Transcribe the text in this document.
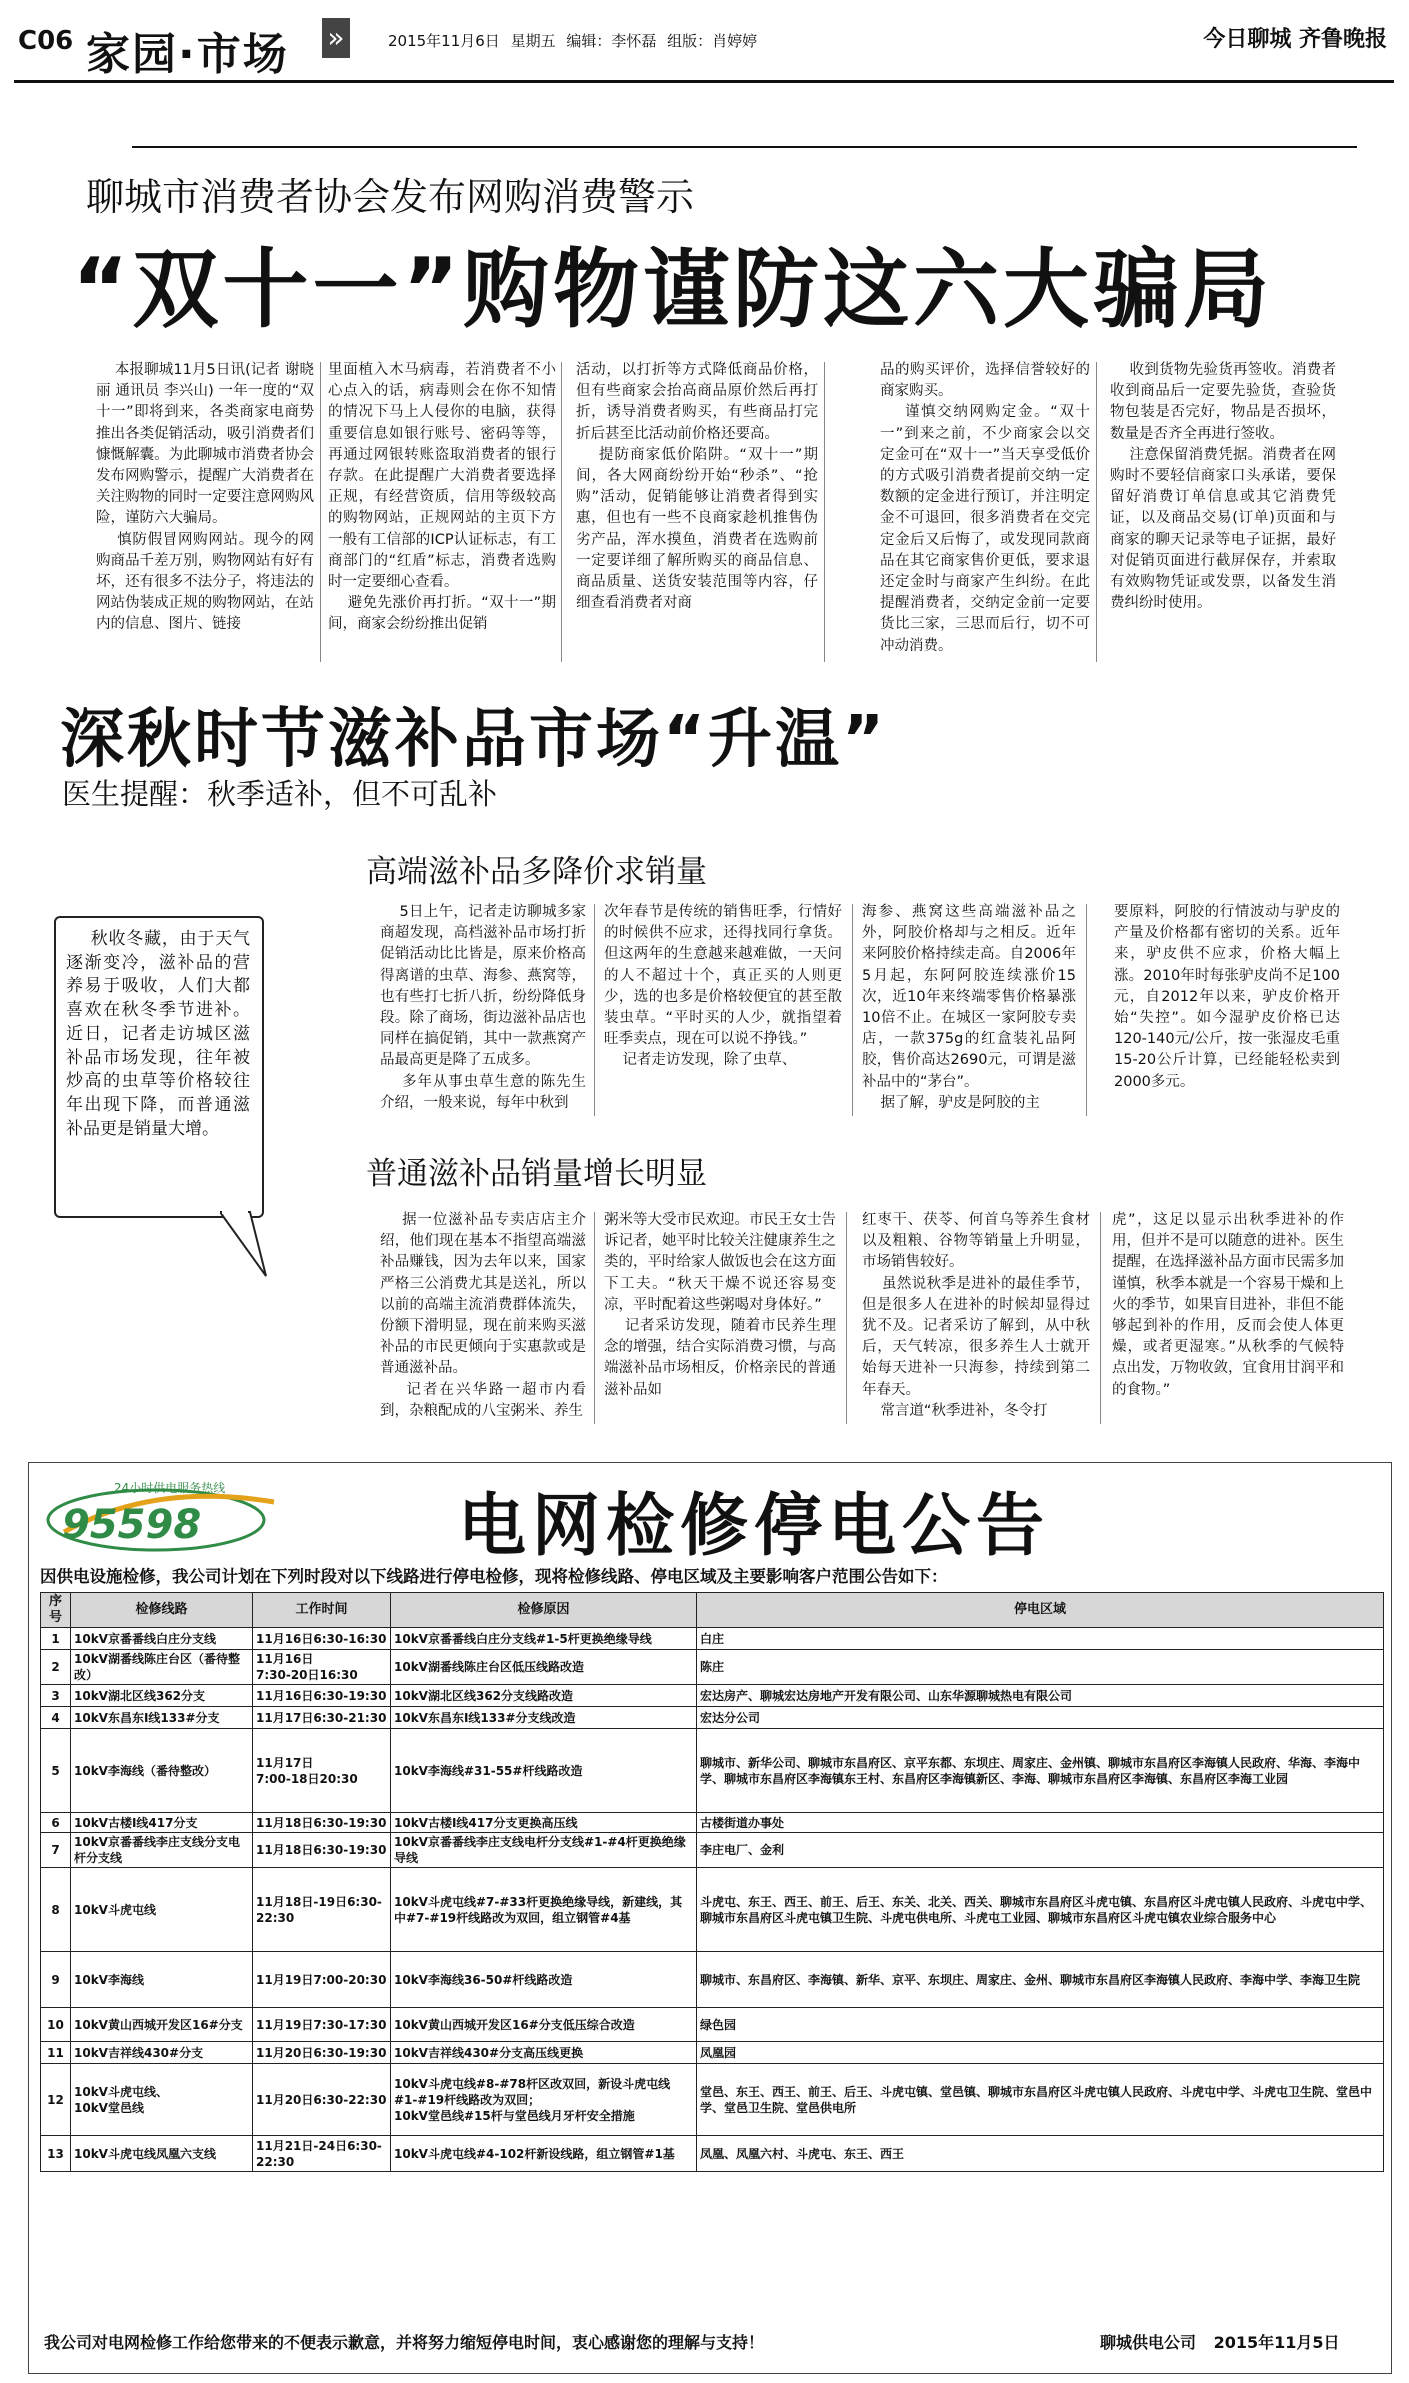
C06 家园·市场 »	2015年11月6日 星期五 编辑：李怀磊 组版：肖婷婷	今日聊城 齐鲁晚报
聊城市消费者协会发布网购消费警示
“双十一”购物谨防这六大骗局
本报聊城11月5日讯(记者 谢晓丽 通讯员 李兴山) 一年一度的“双十一”即将到来，各类商家电商势推出各类促销活动，吸引消费者们慷慨解囊。为此聊城市消费者协会发布网购警示，提醒广大消费者在关注购物的同时一定要注意网购风险，谨防六大骗局。
慎防假冒网购网站。现今的网购商品千差万别，购物网站有好有坏，还有很多不法分子，将违法的网站伪装成正规的购物网站，在站内的信息、图片、链接
里面植入木马病毒，若消费者不小心点入的话，病毒则会在你不知情的情况下马上人侵你的电脑，获得重要信息如银行账号、密码等等，再通过网银转账盗取消费者的银行存款。在此提醒广大消费者要选择正规，有经营资质，信用等级较高的购物网站，正规网站的主页下方一般有工信部的ICP认证标志，有工商部门的“红盾”标志，消费者选购时一定要细心查看。
避免先涨价再打折。“双十一”期间，商家会纷纷推出促销
活动，以打折等方式降低商品价格，但有些商家会抬高商品原价然后再打折，诱导消费者购买，有些商品打完折后甚至比活动前价格还要高。
提防商家低价陷阱。“双十一”期间，各大网商纷纷开始“秒杀”、“抢购”活动，促销能够让消费者得到实惠，但也有一些不良商家趁机推售伪劣产品，浑水摸鱼，消费者在选购前一定要详细了解所购买的商品信息、商品质量、送货安装范围等内容，仔细查看消费者对商
品的购买评价，选择信誉较好的商家购买。
谨慎交纳网购定金。“双十一”到来之前，不少商家会以交定金可在“双十一”当天享受低价的方式吸引消费者提前交纳一定数额的定金进行预订，并注明定金不可退回，很多消费者在交完定金后又后悔了，或发现同款商品在其它商家售价更低，要求退还定金时与商家产生纠纷。在此提醒消费者，交纳定金前一定要货比三家，三思而后行，切不可冲动消费。
收到货物先验货再签收。消费者收到商品后一定要先验货，查验货物包装是否完好，物品是否损坏，数量是否齐全再进行签收。
注意保留消费凭据。消费者在网购时不要轻信商家口头承诺，要保留好消费订单信息或其它消费凭证，以及商品交易(订单)页面和与商家的聊天记录等电子证据，最好对促销页面进行截屏保存，并索取有效购物凭证或发票，以备发生消费纠纷时使用。
深秋时节滋补品市场“升温”
医生提醒：秋季适补，但不可乱补
高端滋补品多降价求销量
秋收冬藏，由于天气逐渐变冷，滋补品的营养易于吸收，人们大都喜欢在秋冬季节进补。近日，记者走访城区滋补品市场发现，往年被炒高的虫草等价格较往年出现下降，而普通滋补品更是销量大增。
5日上午，记者走访聊城多家商超发现，高档滋补品市场打折促销活动比比皆是，原来价格高得离谱的虫草、海参、燕窝等，也有些打七折八折，纷纷降低身段。除了商场，街边滋补品店也同样在搞促销，其中一款燕窝产品最高更是降了五成多。
多年从事虫草生意的陈先生介绍，一般来说，每年中秋到
次年春节是传统的销售旺季，行情好的时候供不应求，还得找同行拿货。但这两年的生意越来越难做，一天问的人不超过十个，真正买的人则更少，选的也多是价格较便宜的甚至散装虫草。“平时买的人少，就指望着旺季卖点，现在可以说不挣钱。”
记者走访发现，除了虫草、
海参、燕窝这些高端滋补品之外，阿胶价格却与之相反。近年来阿胶价格持续走高。自2006年5月起，东阿阿胶连续涨价15次，近10年来终端零售价格暴涨10倍不止。在城区一家阿胶专卖店，一款375g的红盒装礼品阿胶，售价高达2690元，可谓是滋补品中的“茅台”。
据了解，驴皮是阿胶的主
要原料，阿胶的行情波动与驴皮的产量及价格都有密切的关系。近年来，驴皮供不应求，价格大幅上涨。2010年时每张驴皮尚不足100元，自2012年以来，驴皮价格开始“失控”。如今湿驴皮价格已达120-140元/公斤，按一张湿皮毛重15-20公斤计算，已经能轻松卖到2000多元。
普通滋补品销量增长明显
据一位滋补品专卖店店主介绍，他们现在基本不指望高端滋补品赚钱，因为去年以来，国家严格三公消费尤其是送礼，所以以前的高端主流消费群体流失，份额下滑明显，现在前来购买滋补品的市民更倾向于实惠款或是普通滋补品。
记者在兴华路一超市内看到，杂粮配成的八宝粥米、养生
粥米等大受市民欢迎。市民王女士告诉记者，她平时比较关注健康养生之类的，平时给家人做饭也会在这方面下工夫。“秋天干燥不说还容易变凉，平时配着这些粥喝对身体好。”
记者采访发现，随着市民养生理念的增强，结合实际消费习惯，与高端滋补品市场相反，价格亲民的普通滋补品如
红枣干、茯苓、何首乌等养生食材以及粗粮、谷物等销量上升明显，市场销售较好。
虽然说秋季是进补的最佳季节，但是很多人在进补的时候却显得过犹不及。记者采访了解到，从中秋后，天气转凉，很多养生人士就开始每天进补一只海参，持续到第二年春天。
常言道“秋季进补，冬令打
虎”，这足以显示出秋季进补的作用，但并不是可以随意的进补。医生提醒，在选择滋补品方面市民需多加谨慎，秋季本就是一个容易干燥和上火的季节，如果盲目进补，非但不能够起到补的作用，反而会使人体更燥，或者更湿寒。”从秋季的气候特点出发，万物收敛，宜食用甘润平和的食物。”
24小时供电服务热线
95598	电网检修停电公告
因供电设施检修，我公司计划在下列时段对以下线路进行停电检修，现将检修线路、停电区域及主要影响客户范围公告如下：
序号	检修线路	工作时间	检修原因	停电区域
1	10kV京番番线白庄分支线	11月16日6:30-16:30	10kV京番番线白庄分支线#1-5杆更换绝缘导线	白庄
2	10kV湖番线陈庄台区（番待整改）	11月16日
7:30-20日16:30	10kV湖番线陈庄台区低压线路改造	陈庄
3	10kV湖北区线362分支	11月16日6:30-19:30	10kV湖北区线362分支线路改造	宏达房产、聊城宏达房地产开发有限公司、山东华源聊城热电有限公司
4	10kV东昌东Ⅰ线133#分支	11月17日6:30-21:30	10kV东昌东Ⅰ线133#分支线改造	宏达分公司
5	10kV李海线（番待整改）	11月17日
7:00-18日20:30	10kV李海线#31-55#杆线路改造	聊城市、新华公司、聊城市东昌府区、京平东都、东坝庄、周家庄、金州镇、聊城市东昌府区李海镇人民政府、华海、李海中学、聊城市东昌府区李海镇东王村、东昌府区李海镇新区、李海、聊城市东昌府区李海镇、东昌府区李海工业园
6	10kV古楼Ⅰ线417分支	11月18日6:30-19:30	10kV古楼Ⅰ线417分支更换高压线	古楼街道办事处
7	10kV京番番线李庄支线分支电杆分支线	11月18日6:30-19:30	10kV京番番线李庄支线电杆分支线#1-#4杆更换绝缘导线	李庄电厂、金利
8	10kV斗虎屯线	11月18日-19日6:30-
22:30	10kV斗虎屯线#7-#33杆更换绝缘导线，新建线，其中#7-#19杆线路改为双回，组立钢管#4基	斗虎屯、东王、西王、前王、后王、东关、北关、西关、聊城市东昌府区斗虎屯镇、东昌府区斗虎屯镇人民政府、斗虎屯中学、聊城市东昌府区斗虎屯镇卫生院、斗虎屯供电所、斗虎屯工业园、聊城市东昌府区斗虎屯镇农业综合服务中心
9	10kV李海线	11月19日7:00-20:30	10kV李海线36-50#杆线路改造	聊城市、东昌府区、李海镇、新华、京平、东坝庄、周家庄、金州、聊城市东昌府区李海镇人民政府、李海中学、李海卫生院
10	10kV黄山西城开发区16#分支	11月19日7:30-17:30	10kV黄山西城开发区16#分支低压综合改造	绿色园
11	10kV吉祥线430#分支	11月20日6:30-19:30	10kV吉祥线430#分支高压线更换	凤凰园
12	10kV斗虎屯线、
10kV堂邑线	11月20日6:30-22:30	10kV斗虎屯线#8-#78杆区改双回，新设斗虎屯线#1-#19杆线路改为双回；
10kV堂邑线#15杆与堂邑线月牙杆安全措施	堂邑、东王、西王、前王、后王、斗虎屯镇、堂邑镇、聊城市东昌府区斗虎屯镇人民政府、斗虎屯中学、斗虎屯卫生院、堂邑中学、堂邑卫生院、堂邑供电所
13	10kV斗虎屯线凤凰六支线	11月21日-24日6:30-
22:30	10kV斗虎屯线#4-102杆新设线路，组立钢管#1基	凤凰、凤凰六村、斗虎屯、东王、西王
我公司对电网检修工作给您带来的不便表示歉意，并将努力缩短停电时间，衷心感谢您的理解与支持！	聊城供电公司 2015年11月5日
